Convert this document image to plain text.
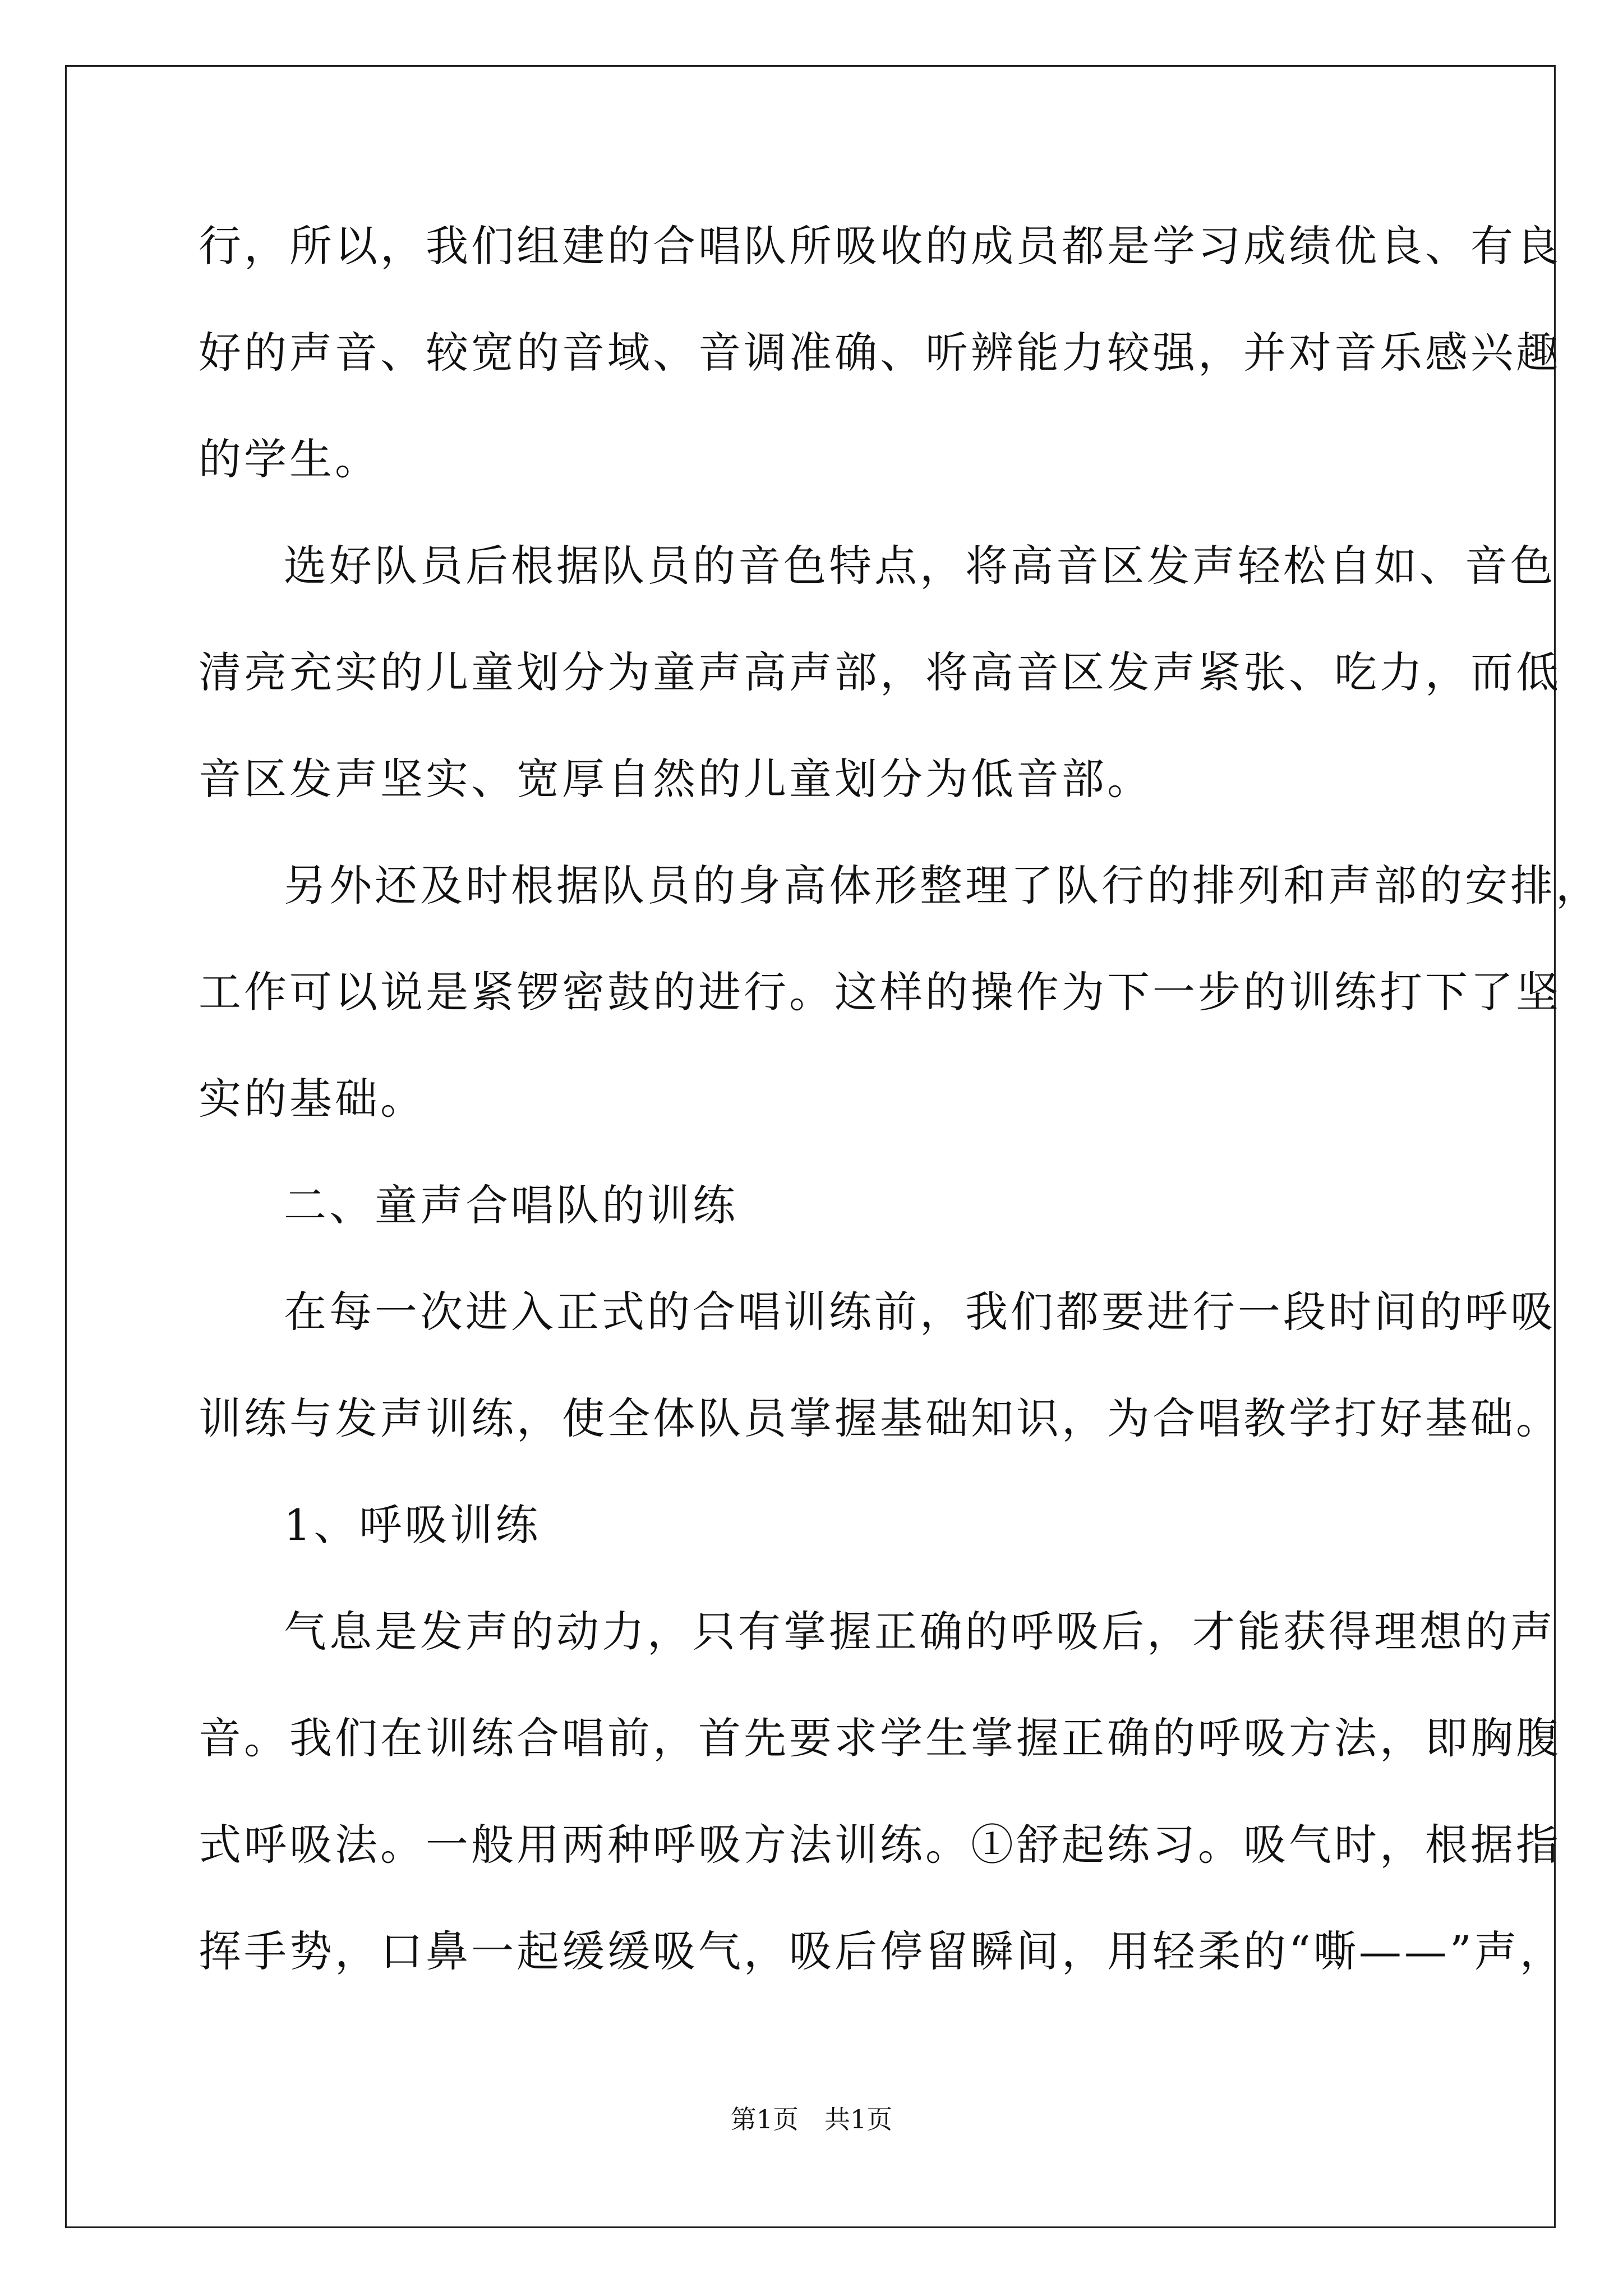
行，所以，我们组建的合唱队所吸收的成员都是学习成绩优良、有良
好的声音、较宽的音域、音调准确、听辨能力较强，并对音乐感兴趣
的学生。
选好队员后根据队员的音色特点，将高音区发声轻松自如、音色
清亮充实的儿童划分为童声高声部，将高音区发声紧张、吃力，而低
音区发声坚实、宽厚自然的儿童划分为低音部。
另外还及时根据队员的身高体形整理了队行的排列和声部的安排，
工作可以说是紧锣密鼓的进行。这样的操作为下一步的训练打下了坚
实的基础。
二、童声合唱队的训练
在每一次进入正式的合唱训练前，我们都要进行一段时间的呼吸
训练与发声训练，使全体队员掌握基础知识，为合唱教学打好基础。
1、呼吸训练
气息是发声的动力，只有掌握正确的呼吸后，才能获得理想的声
音。我们在训练合唱前，首先要求学生掌握正确的呼吸方法，即胸腹
式呼吸法。一般用两种呼吸方法训练。①舒起练习。吸气时，根据指
挥手势，口鼻一起缓缓吸气，吸后停留瞬间，用轻柔的“嘶——”声，
第1页　共1页
